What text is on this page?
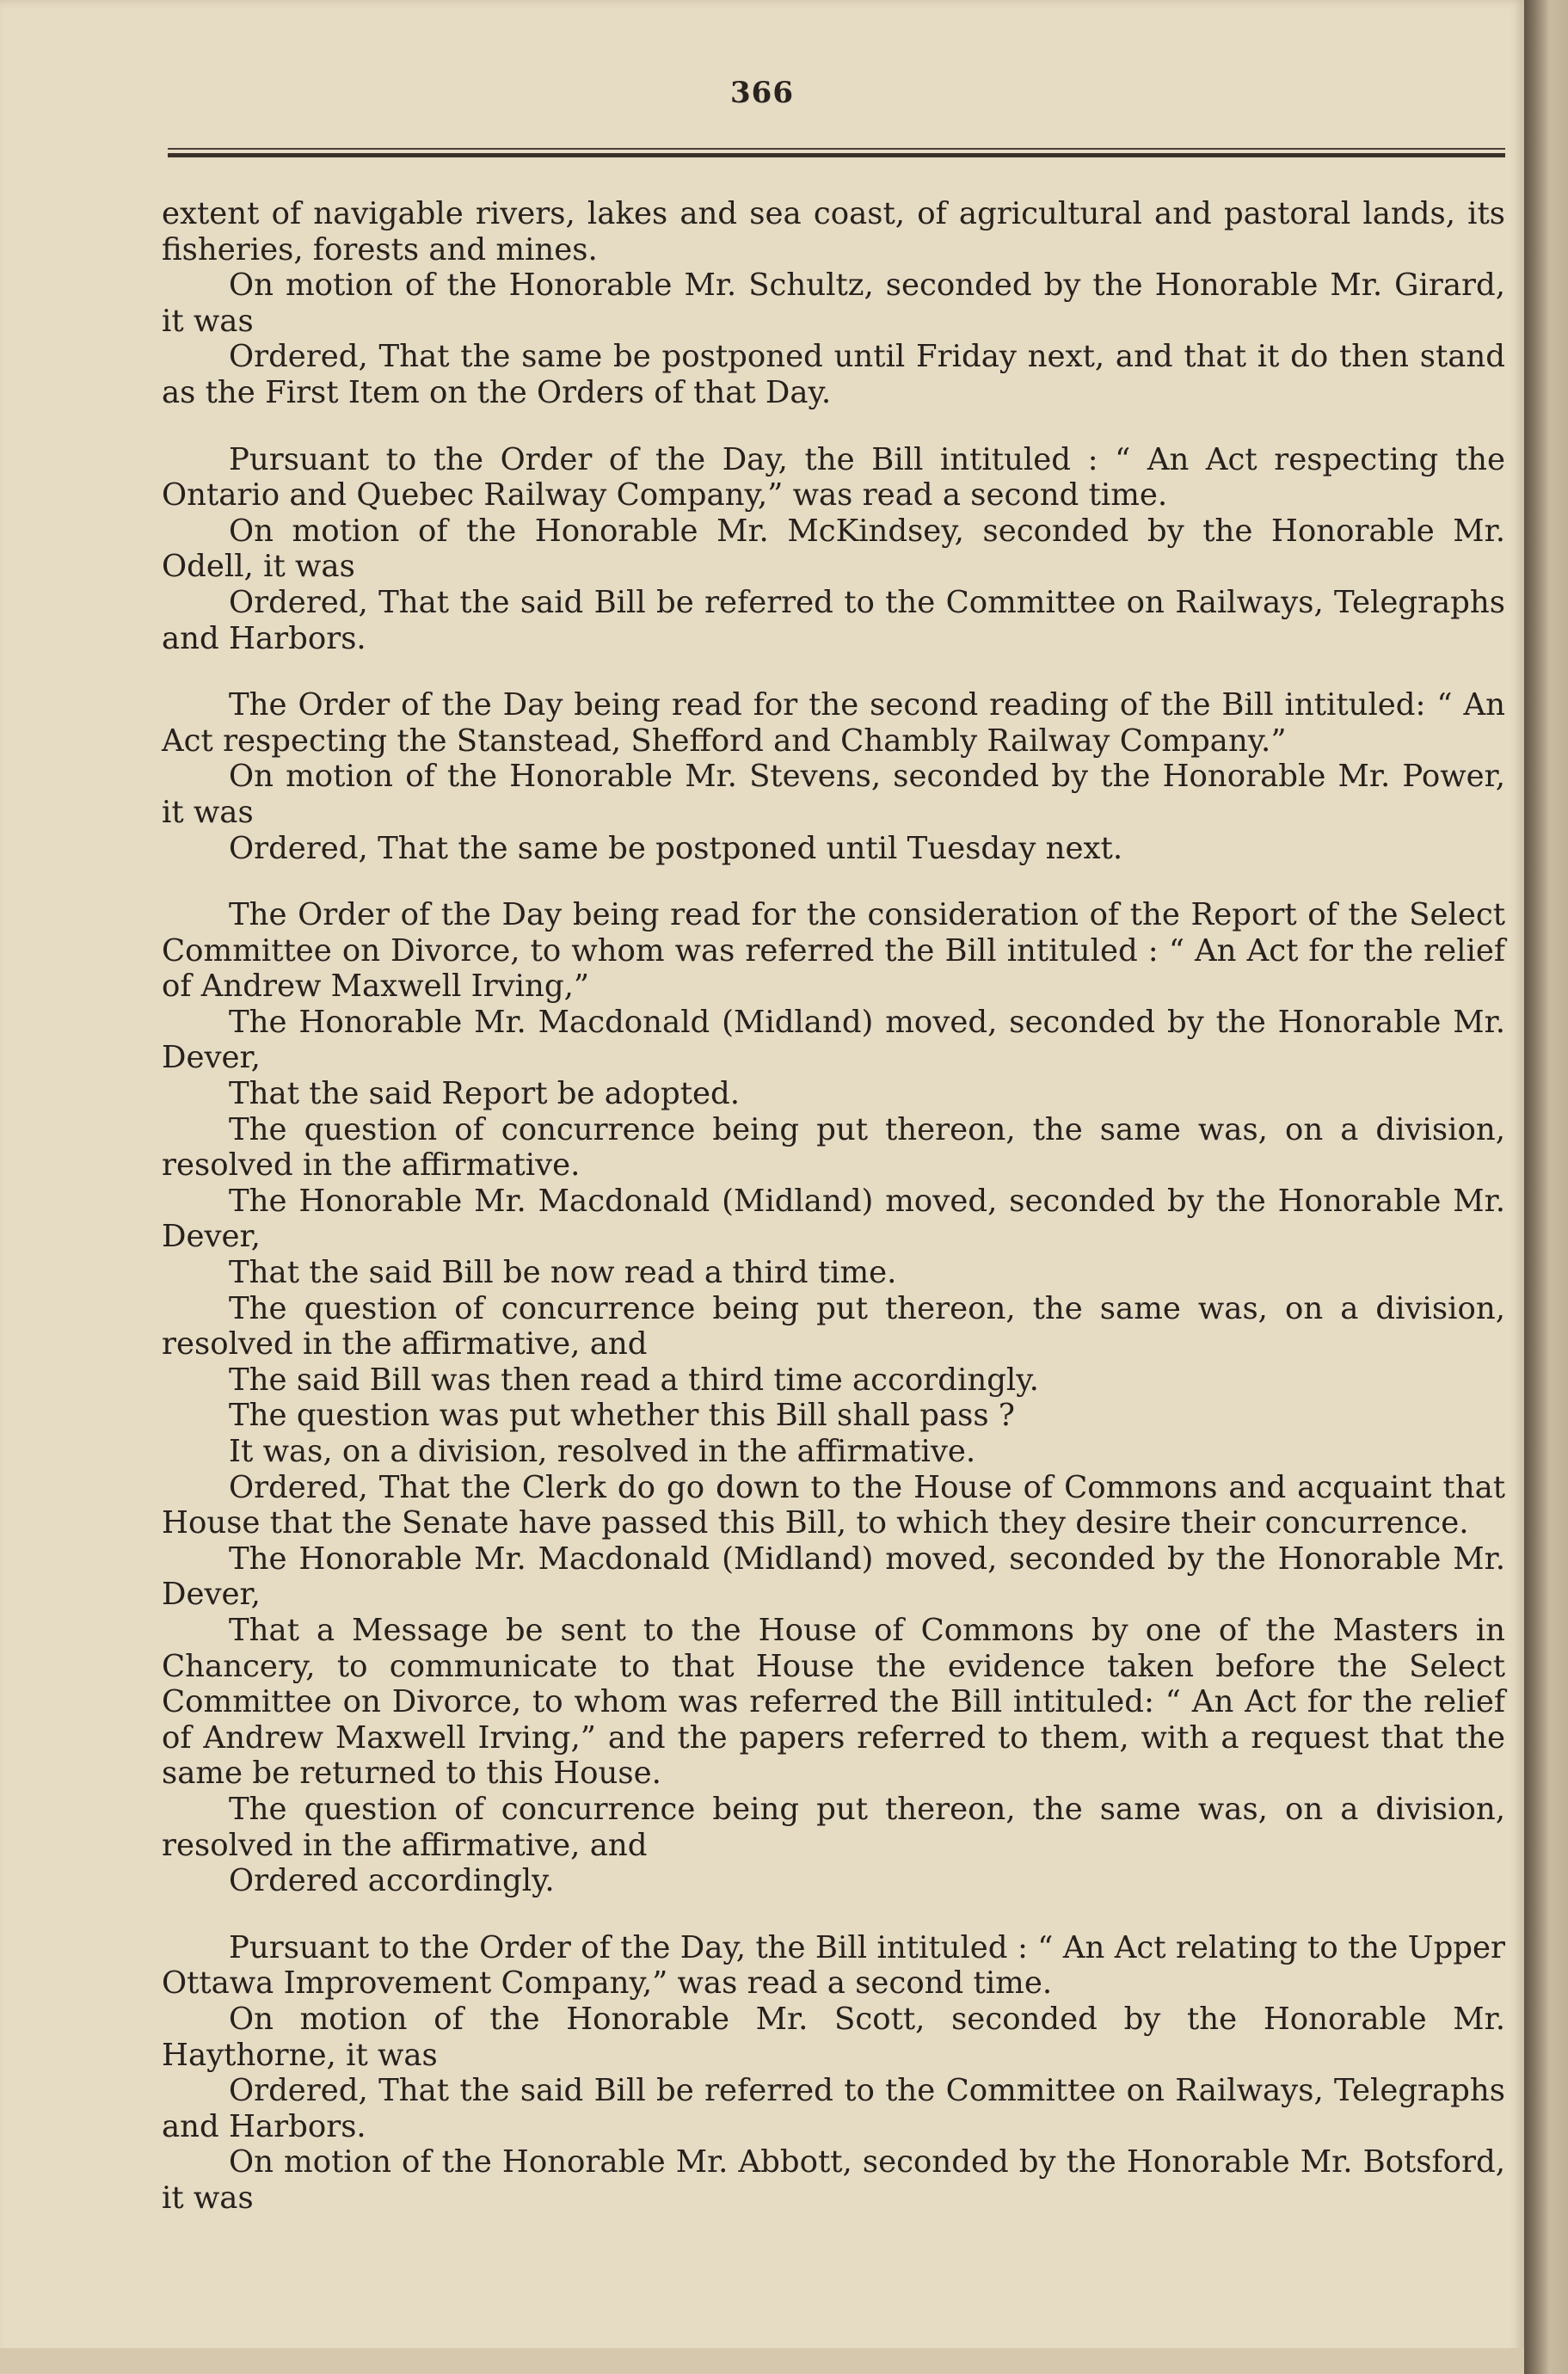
366

extent of navigable rivers, lakes and sea coast, of agricultural and pastoral lands, its fisheries, forests and mines.

On motion of the Honorable Mr. Schultz, seconded by the Honorable Mr. Girard, it was

Ordered, That the same be postponed until Friday next, and that it do then stand as the First Item on the Orders of that Day.

Pursuant to the Order of the Day, the Bill intituled : “ An Act respecting the Ontario and Quebec Railway Company,” was read a second time.

On motion of the Honorable Mr. McKindsey, seconded by the Honorable Mr. Odell, it was

Ordered, That the said Bill be referred to the Committee on Railways, Telegraphs and Harbors.

The Order of the Day being read for the second reading of the Bill intituled: “ An Act respecting the Stanstead, Shefford and Chambly Railway Company.”

On motion of the Honorable Mr. Stevens, seconded by the Honorable Mr. Power, it was

Ordered, That the same be postponed until Tuesday next.

The Order of the Day being read for the consideration of the Report of the Select Committee on Divorce, to whom was referred the Bill intituled : “ An Act for the relief of Andrew Maxwell Irving,”

The Honorable Mr. Macdonald (Midland) moved, seconded by the Honorable Mr. Dever,

That the said Report be adopted.

The question of concurrence being put thereon, the same was, on a division, resolved in the affirmative.

The Honorable Mr. Macdonald (Midland) moved, seconded by the Honorable Mr. Dever,

That the said Bill be now read a third time.

The question of concurrence being put thereon, the same was, on a division, resolved in the affirmative, and

The said Bill was then read a third time accordingly.

The question was put whether this Bill shall pass ?

It was, on a division, resolved in the affirmative.

Ordered, That the Clerk do go down to the House of Commons and acquaint that House that the Senate have passed this Bill, to which they desire their concurrence.

The Honorable Mr. Macdonald (Midland) moved, seconded by the Honorable Mr. Dever,

That a Message be sent to the House of Commons by one of the Masters in Chancery, to communicate to that House the evidence taken before the Select Committee on Divorce, to whom was referred the Bill intituled: “ An Act for the relief of Andrew Maxwell Irving,” and the papers referred to them, with a request that the same be returned to this House.

The question of concurrence being put thereon, the same was, on a division, resolved in the affirmative, and

Ordered accordingly.

Pursuant to the Order of the Day, the Bill intituled : “ An Act relating to the Upper Ottawa Improvement Company,” was read a second time.

On motion of the Honorable Mr. Scott, seconded by the Honorable Mr. Haythorne, it was

Ordered, That the said Bill be referred to the Committee on Railways, Telegraphs and Harbors.

On motion of the Honorable Mr. Abbott, seconded by the Honorable Mr. Botsford, it was
